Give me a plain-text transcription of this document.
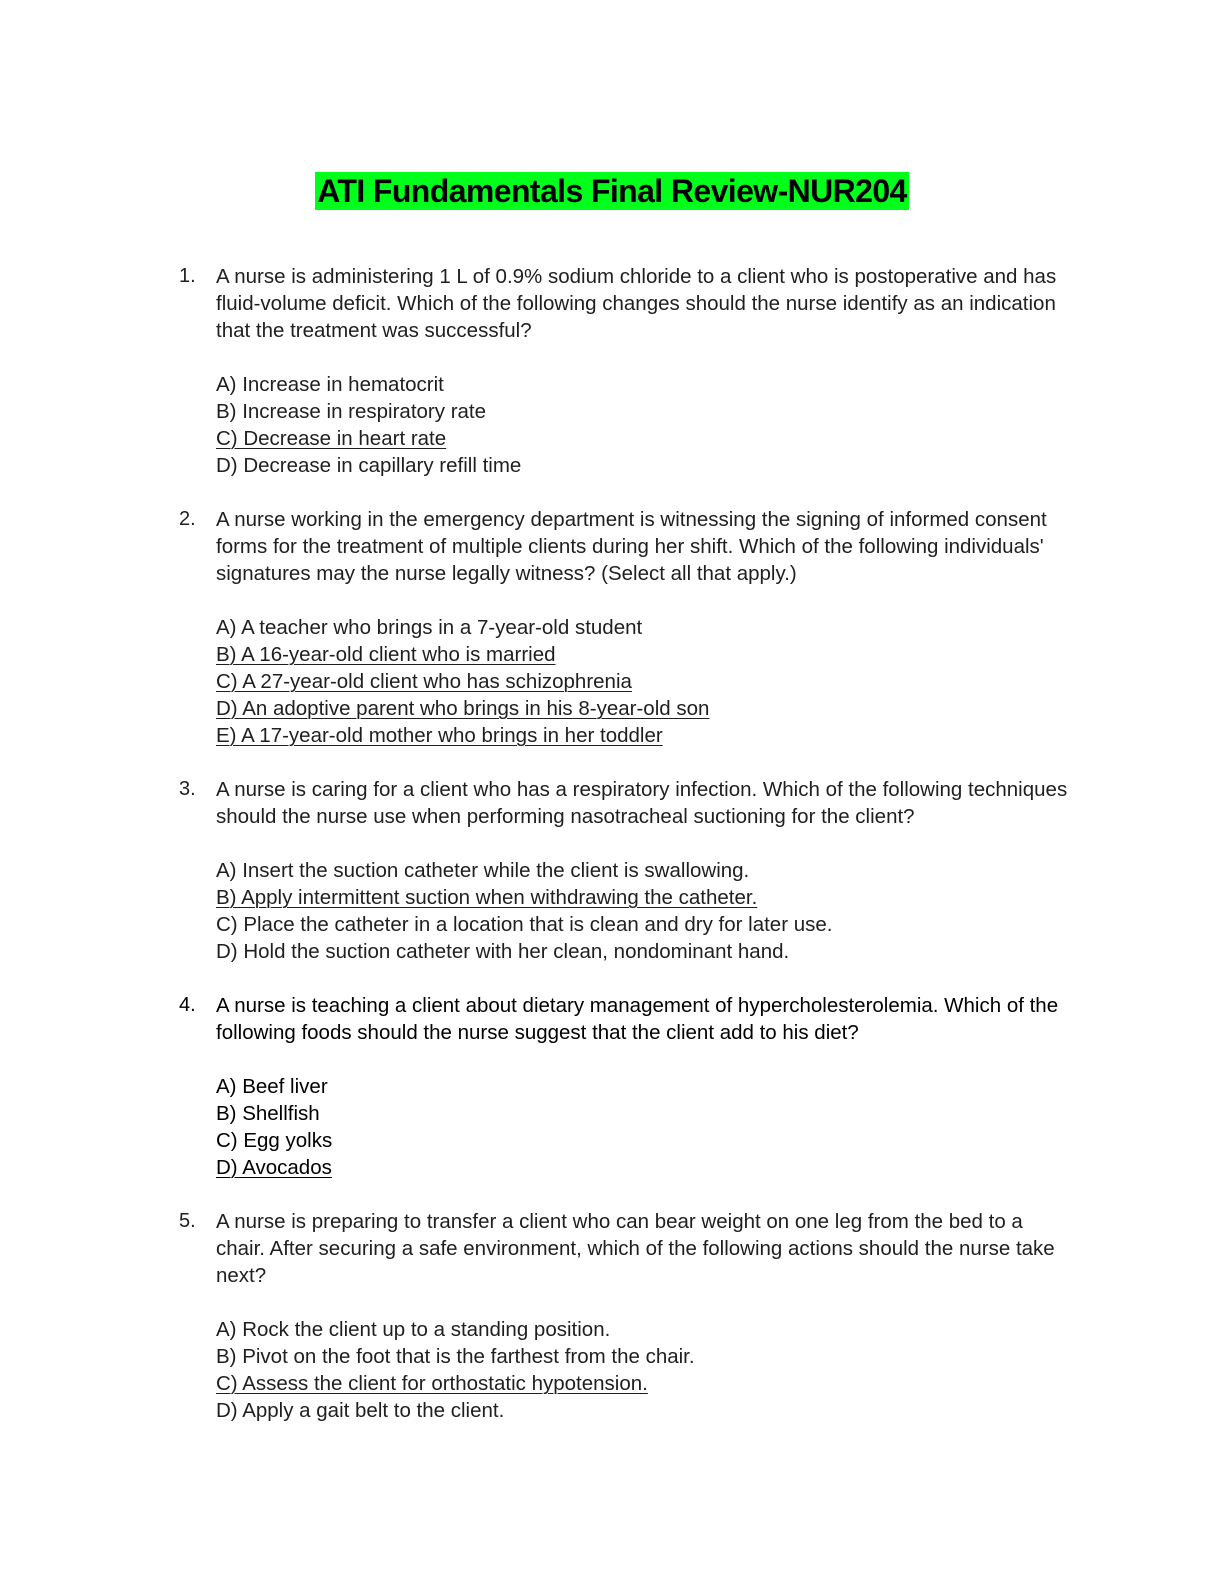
ATI Fundamentals Final Review-NUR204
1. A nurse is administering 1 L of 0.9% sodium chloride to a client who is postoperative and has fluid-volume deficit. Which of the following changes should the nurse identify as an indication that the treatment was successful?

A) Increase in hematocrit
B) Increase in respiratory rate
C) Decrease in heart rate
D) Decrease in capillary refill time
2. A nurse working in the emergency department is witnessing the signing of informed consent forms for the treatment of multiple clients during her shift. Which of the following individuals' signatures may the nurse legally witness? (Select all that apply.)

A) A teacher who brings in a 7-year-old student
B) A 16-year-old client who is married
C) A 27-year-old client who has schizophrenia
D) An adoptive parent who brings in his 8-year-old son
E) A 17-year-old mother who brings in her toddler
3. A nurse is caring for a client who has a respiratory infection. Which of the following techniques should the nurse use when performing nasotracheal suctioning for the client?

A) Insert the suction catheter while the client is swallowing.
B) Apply intermittent suction when withdrawing the catheter.
C) Place the catheter in a location that is clean and dry for later use.
D) Hold the suction catheter with her clean, nondominant hand.
4. A nurse is teaching a client about dietary management of hypercholesterolemia. Which of the following foods should the nurse suggest that the client add to his diet?

A) Beef liver
B) Shellfish
C) Egg yolks
D) Avocados
5. A nurse is preparing to transfer a client who can bear weight on one leg from the bed to a chair. After securing a safe environment, which of the following actions should the nurse take next?

A) Rock the client up to a standing position.
B) Pivot on the foot that is the farthest from the chair.
C) Assess the client for orthostatic hypotension.
D) Apply a gait belt to the client.
